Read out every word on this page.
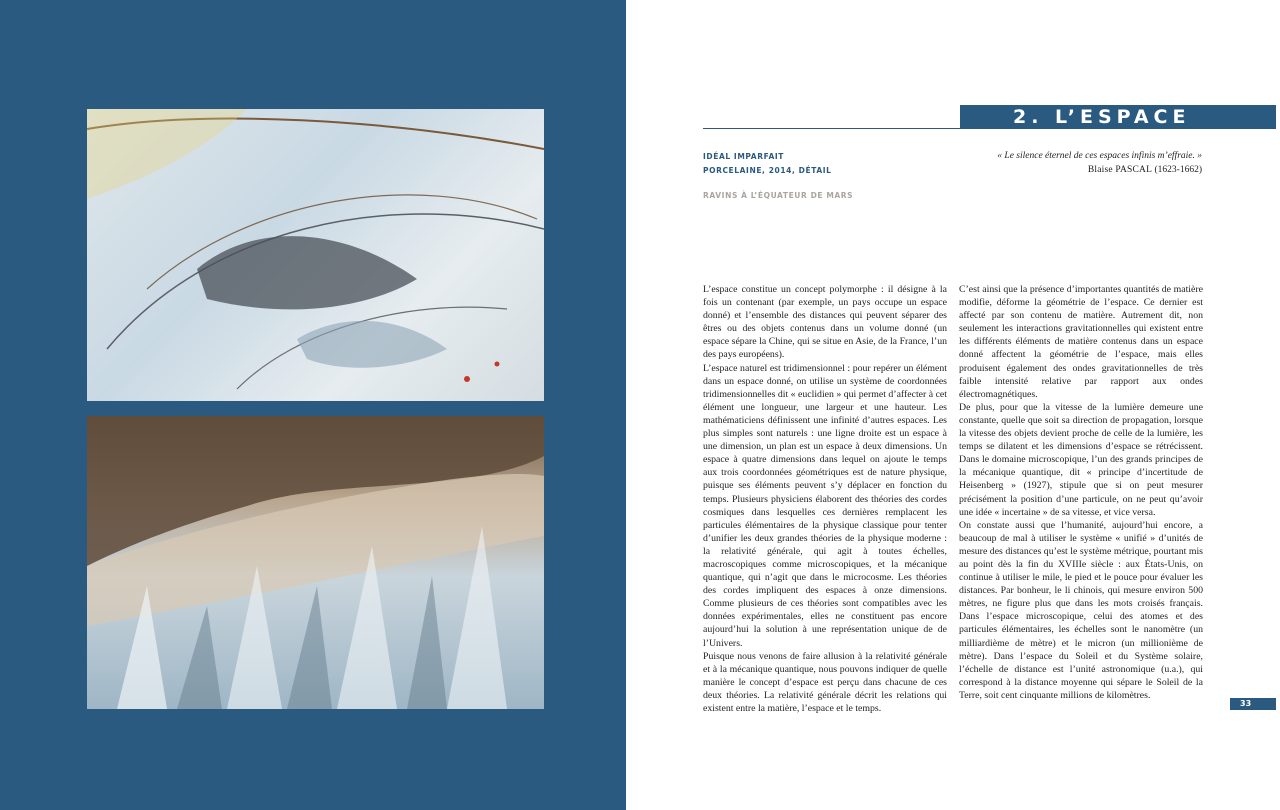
2. L’ESPACE
IDÉAL IMPARFAIT
PORCELAINE, 2014, DÉTAIL
RAVINS À L’ÉQUATEUR DE MARS
« Le silence éternel de ces espaces infinis m’effraie. »
Blaise PASCAL (1623-1662)

L’espace constitue un concept polymorphe : il désigne à la fois un contenant (par exemple, un pays occupe un espace donné) et l’ensemble des distances qui peuvent séparer des êtres ou des objets contenus dans un volume donné (un espace sépare la Chine, qui se situe en Asie, de la France, l’un des pays européens).

L’espace naturel est tridimensionnel : pour repérer un élément dans un espace donné, on utilise un système de coordonnées tridimensionnelles dit « euclidien » qui permet d’affecter à cet élément une longueur, une largeur et une hauteur. Les mathématiciens définissent une infinité d’autres espaces. Les plus simples sont naturels : une ligne droite est un espace à une dimension, un plan est un espace à deux dimensions. Un espace à quatre dimensions dans lequel on ajoute le temps aux trois coordonnées géométriques est de nature physique, puisque ses éléments peuvent s’y déplacer en fonction du temps. Plusieurs physiciens élaborent des théories des cordes cosmiques dans lesquelles ces dernières remplacent les particules élémentaires de la physique classique pour tenter d’unifier les deux grandes théories de la physique moderne : la relativité générale, qui agit à toutes échelles, macroscopiques comme microscopiques, et la mécanique quantique, qui n’agit que dans le microcosme. Les théories des cordes impliquent des espaces à onze dimensions. Comme plusieurs de ces théories sont compatibles avec les données expérimentales, elles ne constituent pas encore aujourd’hui la solution à une représentation unique de de l’Univers.

Puisque nous venons de faire allusion à la relativité générale et à la mécanique quantique, nous pouvons indiquer de quelle manière le concept d’espace est perçu dans chacune de ces deux théories. La relativité générale décrit les relations qui existent entre la matière, l’espace et le temps.

C’est ainsi que la présence d’importantes quantités de matière modifie, déforme la géométrie de l’espace. Ce dernier est affecté par son contenu de matière. Autrement dit, non seulement les interactions gravitationnelles qui existent entre les différents éléments de matière contenus dans un espace donné affectent la géométrie de l’espace, mais elles produisent également des ondes gravitationnelles de très faible intensité relative par rapport aux ondes électromagnétiques.

De plus, pour que la vitesse de la lumière demeure une constante, quelle que soit sa direction de propagation, lorsque la vitesse des objets devient proche de celle de la lumière, les temps se dilatent et les dimensions d’espace se rétrécissent. Dans le domaine microscopique, l’un des grands principes de la mécanique quantique, dit « principe d’incertitude de Heisenberg » (1927), stipule que si on peut mesurer précisément la position d’une particule, on ne peut qu’avoir une idée « incertaine » de sa vitesse, et vice versa.

On constate aussi que l’humanité, aujourd’hui encore, a beaucoup de mal à utiliser le système « unifié » d’unités de mesure des distances qu’est le système métrique, pourtant mis au point dès la fin du XVIIIe siècle : aux États-Unis, on continue à utiliser le mile, le pied et le pouce pour évaluer les distances. Par bonheur, le li chinois, qui mesure environ 500 mètres, ne figure plus que dans les mots croisés français. Dans l’espace microscopique, celui des atomes et des particules élémentaires, les échelles sont le nanomètre (un milliardième de mètre) et le micron (un millionième de mètre). Dans l’espace du Soleil et du Système solaire, l’échelle de distance est l’unité astronomique (u.a.), qui correspond à la distance moyenne qui sépare le Soleil de la Terre, soit cent cinquante millions de kilomètres.

33
